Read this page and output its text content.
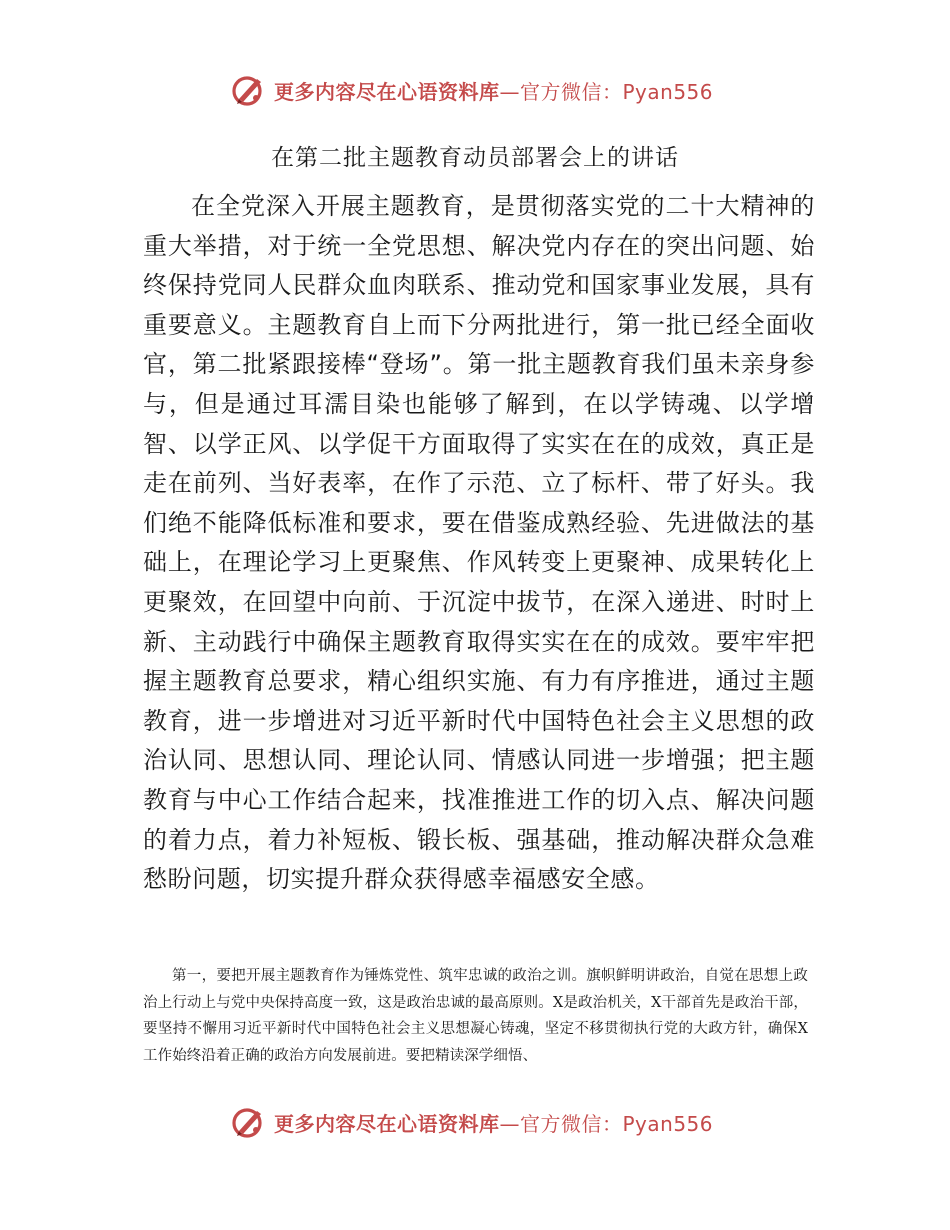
更多内容尽在心语资料库—官方微信：Pyan556
在第二批主题教育动员部署会上的讲话

在全党深入开展主题教育，是贯彻落实党的二十大精神的重大举措，对于统一全党思想、解决党内存在的突出问题、始终保持党同人民群众血肉联系、推动党和国家事业发展，具有重要意义。主题教育自上而下分两批进行，第一批已经全面收官，第二批紧跟接棒“登场”。第一批主题教育我们虽未亲身参与，但是通过耳濡目染也能够了解到，在以学铸魂、以学增智、以学正风、以学促干方面取得了实实在在的成效，真正是走在前列、当好表率，在作了示范、立了标杆、带了好头。我们绝不能降低标准和要求，要在借鉴成熟经验、先进做法的基础上，在理论学习上更聚焦、作风转变上更聚神、成果转化上更聚效，在回望中向前、于沉淀中拔节，在深入递进、时时上新、主动践行中确保主题教育取得实实在在的成效。要牢牢把握主题教育总要求，精心组织实施、有力有序推进，通过主题教育，进一步增进对习近平新时代中国特色社会主义思想的政治认同、思想认同、理论认同、情感认同进一步增强；把主题教育与中心工作结合起来，找准推进工作的切入点、解决问题的着力点，着力补短板、锻长板、强基础，推动解决群众急难愁盼问题，切实提升群众获得感幸福感安全感。

第一，要把开展主题教育作为锤炼党性、筑牢忠诚的政治之训。旗帜鲜明讲政治，自觉在思想上政治上行动上与党中央保持高度一致，这是政治忠诚的最高原则。X是政治机关，X干部首先是政治干部，要坚持不懈用习近平新时代中国特色社会主义思想凝心铸魂，坚定不移贯彻执行党的大政方针，确保X工作始终沿着正确的政治方向发展前进。要把精读深学细悟、

更多内容尽在心语资料库—官方微信：Pyan556
